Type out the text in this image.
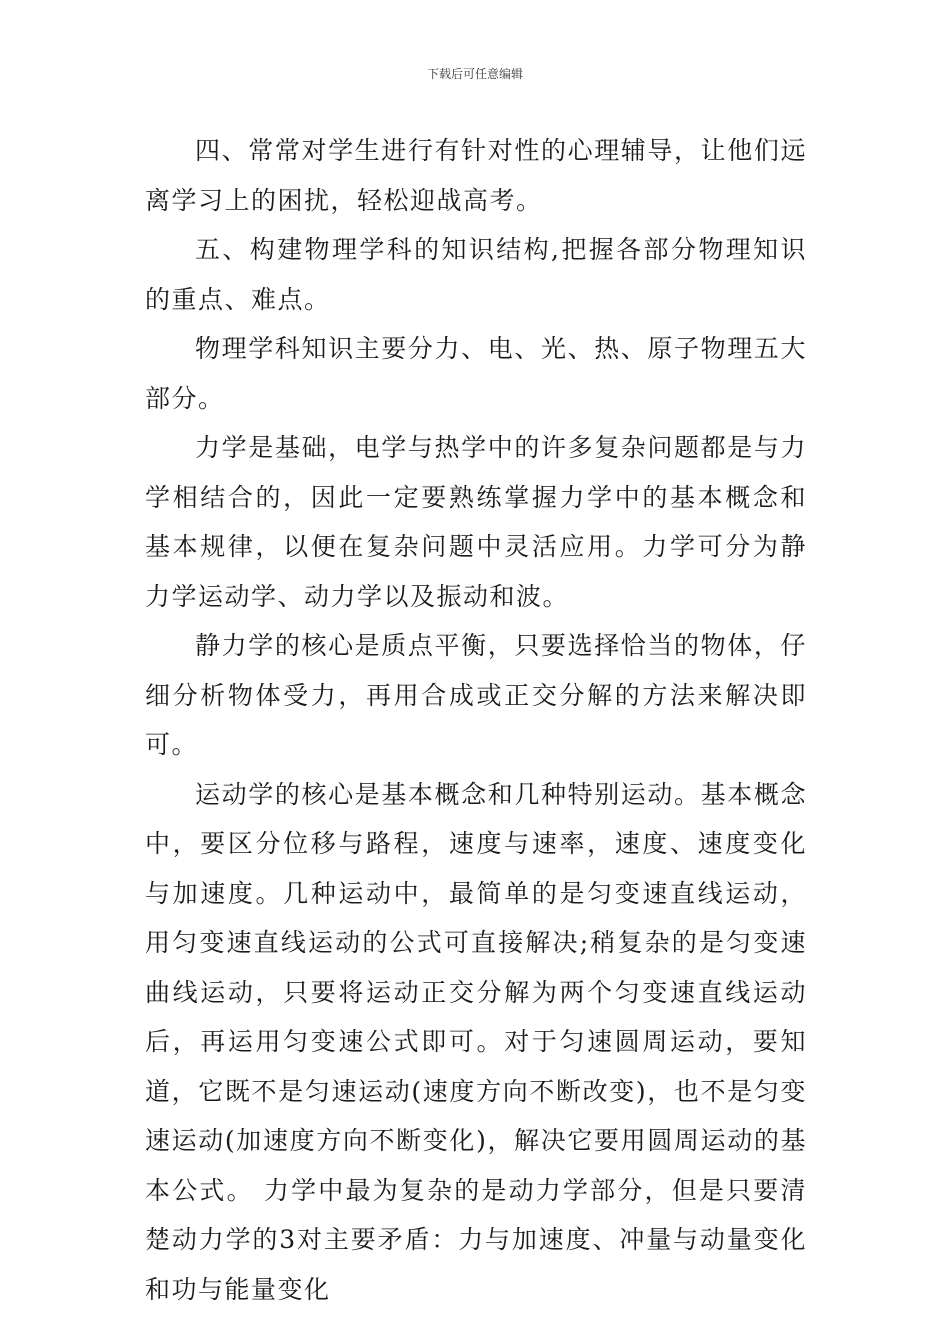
下载后可任意编辑

四、常常对学生进行有针对性的心理辅导，让他们远离学习上的困扰，轻松迎战高考。

五、构建物理学科的知识结构,把握各部分物理知识的重点、难点。

物理学科知识主要分力、电、光、热、原子物理五大部分。

力学是基础，电学与热学中的许多复杂问题都是与力学相结合的，因此一定要熟练掌握力学中的基本概念和基本规律，以便在复杂问题中灵活应用。力学可分为静力学运动学、动力学以及振动和波。

静力学的核心是质点平衡，只要选择恰当的物体，仔细分析物体受力，再用合成或正交分解的方法来解决即可。

运动学的核心是基本概念和几种特别运动。基本概念中，要区分位移与路程，速度与速率，速度、速度变化与加速度。几种运动中，最简单的是匀变速直线运动，用匀变速直线运动的公式可直接解决;稍复杂的是匀变速曲线运动，只要将运动正交分解为两个匀变速直线运动后，再运用匀变速公式即可。对于匀速圆周运动，要知道，它既不是匀速运动(速度方向不断改变)，也不是匀变速运动(加速度方向不断变化)，解决它要用圆周运动的基本公式。 力学中最为复杂的是动力学部分，但是只要清楚动力学的3对主要矛盾：力与加速度、冲量与动量变化和功与能量变化
